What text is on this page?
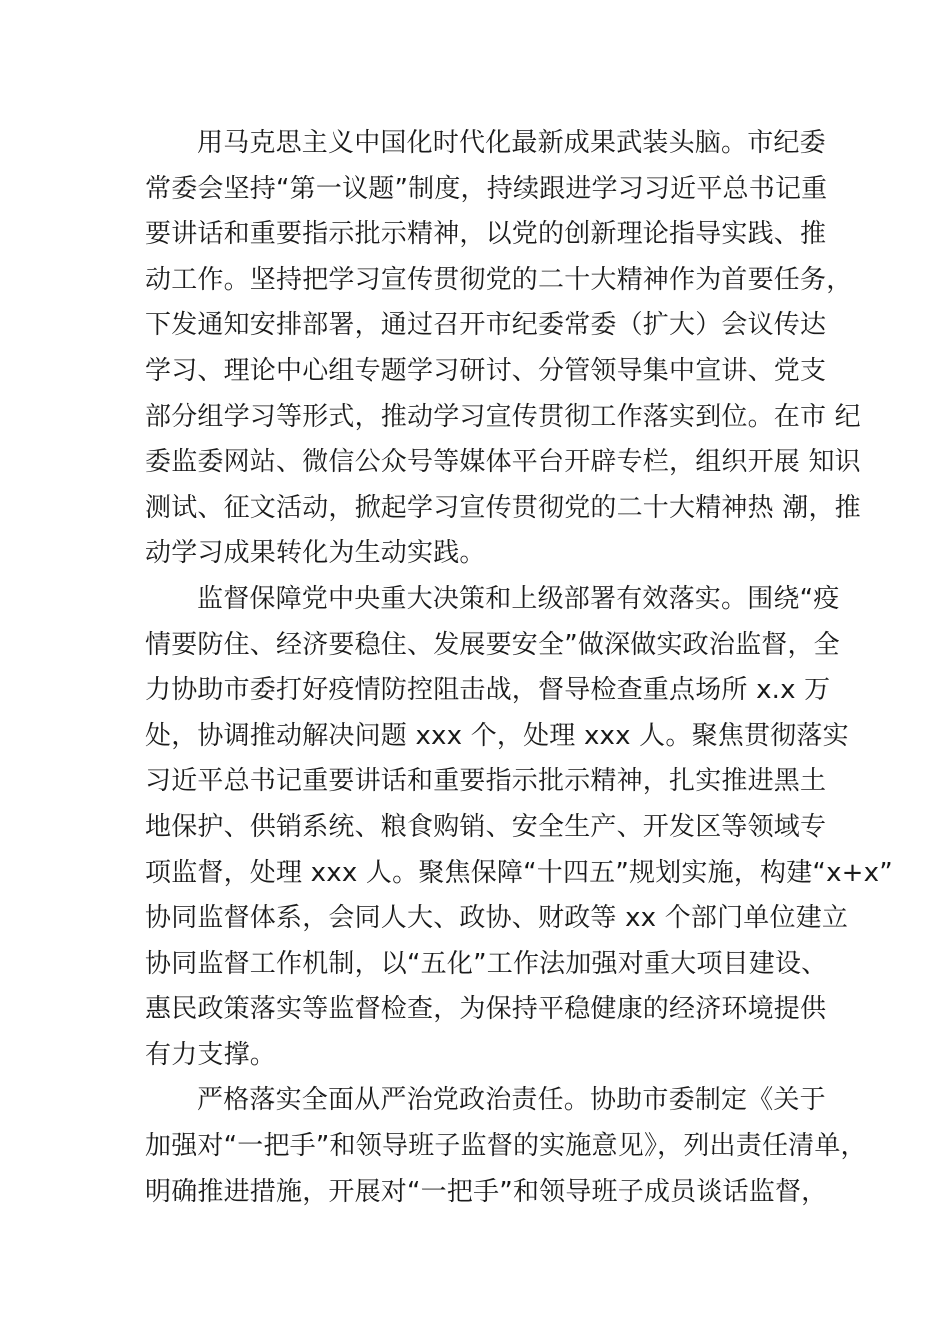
用马克思主义中国化时代化最新成果武装头脑。市纪委
常委会坚持“第一议题”制度，持续跟进学习习近平总书记重
要讲话和重要指示批示精神，以党的创新理论指导实践、推
动工作。坚持把学习宣传贯彻党的二十大精神作为首要任务，
下发通知安排部署，通过召开市纪委常委（扩大）会议传达
学习、理论中心组专题学习研讨、分管领导集中宣讲、党支
部分组学习等形式，推动学习宣传贯彻工作落实到位。在市 纪
委监委网站、微信公众号等媒体平台开辟专栏，组织开展 知识
测试、征文活动，掀起学习宣传贯彻党的二十大精神热 潮，推
动学习成果转化为生动实践。
监督保障党中央重大决策和上级部署有效落实。围绕“疫
情要防住、经济要稳住、发展要安全”做深做实政治监督，全
力协助市委打好疫情防控阻击战，督导检查重点场所 x.x 万
处，协调推动解决问题 xxx 个，处理 xxx 人。聚焦贯彻落实
习近平总书记重要讲话和重要指示批示精神，扎实推进黑土
地保护、供销系统、粮食购销、安全生产、开发区等领域专
项监督，处理 xxx 人。聚焦保障“十四五”规划实施，构建“x+x”
协同监督体系，会同人大、政协、财政等 xx 个部门单位建立
协同监督工作机制，以“五化”工作法加强对重大项目建设、
惠民政策落实等监督检查，为保持平稳健康的经济环境提供
有力支撑。
严格落实全面从严治党政治责任。协助市委制定《关于
加强对“一把手”和领导班子监督的实施意见》，列出责任清单，
明确推进措施，开展对“一把手”和领导班子成员谈话监督，
